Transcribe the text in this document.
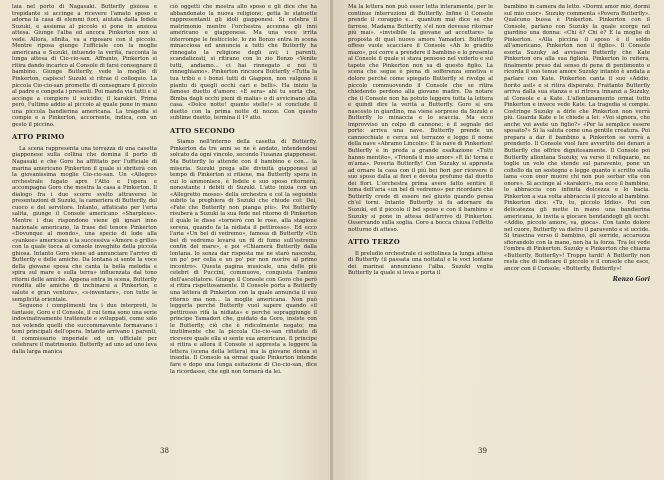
laia nel porto di Nagasaki. Butterfly gioiosa e trepidante si accinge a ricevere l'amato sposo e adorna la casa di elemmi fiori, aiutata dalla fedele Suzuki, e assiema al piccolo si pone in ansiosa attesa. Giunge l'alba ed ancora Pinkerton non si vede. Allora, sfinita, va a riposare con il piccolo. Mentre riposa giunge l'ufficiale con la moglie americana e Suzuki, intuendo la verità, racconta la lunga attesa di Cio-cio-san. Affranto, Pinkerton si ritira dando incarico al Console di farsi consegnare il bambino. Giunge Butterfly, vede la moglie di Pinkerton, capisce! Suzuki si ritrae il colloquio. La piccola Cio-cio-san promette di consegnare il piccolo al padre e congeda i presenti. Poi manda via tutti e si accinge a compiere il suicidio; il karakiri. Prima però, l'ultimo addio al piccolo al quale pone in mano una piccola bandierina americana. La tragedia si compie e a Pinkerton, accorrente, indica, con un gesto il piccino.

ATTO PRIMO

La scena rappresenta una terrazza di una casetta giapponese sulla collina che domina il porto di Nagasaki e che Goro ha affittato per l'ufficiale di marina americano Pinkerton il quale si sbriterà con la giovanissima moglie Cio-cio-san. Un «Allegro» orchestrale fugato apre l'Atto e l'opera e accompagna Goro che mostra la casa a Pinkerton. Il dialogo fra i due scorre svelto attraverso le presentazioni di Suzuki, la cameriera di Butterfly, del cuoco e del servitore. Intanto, affaticato per l'erta salita, giunge il Console americano «Sharpless». Mentre i due rispondono viene gli ignari inno nazionale americano, la frase del tenore Pinkerton «Dovunque al mondo», una specie di lode alla «yankee» americano e la successiva «Amore o grillo» con la quale tocca al console inveghito della piccola ghiosa. Intanto Goro viene ad annunciare l'arrivo di Butterfly e delle amiche. Da lontana si sente la voce della giovane sposa che canta la bella melodia e spira sul mare e sulla terra» influenzata dal tono ritorni delle amiche. Appena entra in scena, Butterfly rendita alle amiche di inchinarsi a Pinkerton, e salute e gran ventura», «s-inventare», con tutte le semplicità orientale.

Seguono i complimenti tra i due interpreti, le fantasie, Goro e il Console, il cui tema sono una serie indovinativamente trattenute e sviluppati, come solo noi volendo quelli che succommavente formavano i temi principali dell'opera. Intanto arrivano i parenti, il commissario imperiale ed un ufficiale per celebrare il matrimonio. Butterfly ad uno ad uno leva dalla larga manica

ciò oggetti che mostra allo sposo e gli dice che ha abbandonato la nuova religione; getta le statuette rappresentanti gli idoli giapponesi. Si celebra il matrimonio mentre l'orchestra accenna gli inni americano e giapponese. Ma una voce irrita interrompe le festicciole: lo zio Bonzo entra in scena minacciosa ed annuncia a tutti che Butterfly ha rinnegato la religione degli avi; i parenti, scandalizzati, si ritirano con lo zio Bonzo «Venite tutti, andiamo... ci hai rinnegato e noi ti rinneghiamo». Pinkerton rincuora Butterfly «Tutta la tua tribù e i bonzi tutti di Giappon, non valgono il pianto di quegli occhi cari e belli». Ha inizio la famoso duetto d'amore: «È sera» ahi tu sorta che, Bimba dagli occhi pieni di malia» o di avvicinano alla casa. «Dolce notte! quante stelle!» si conclude il duetto con la prima notte di nozze. Con questo sublime duetto, termina il 1º atto.

ATTO SECONDO

Siamo nell'interno della casetta di Butterfly. Pinkerton da tre anni se ne è andato, intendendosi solcato da ogni vincolo, secondo l'usanza giapponese. Ma Butterfly lo attende con il bambino e con... la miseria. Suzuki prega alle divinità giapponesi al tempo di Pinkerton si ritiene, ma Butterfly spera in cui lo ammonisce, è fedele e suo sposo ritornerà, nonostante i debiti di Suzuki. L'atto inizia con un «Allegretto mosso» della orchestra e col la seguente subito la preghiera di Suzuki che chiude col: Dei, «Fate che Butterfly non pianga più». Poi Butterfly risuberà a Suzuki la sua fede nel ritorno di Pinkerton il quale le disse «tornerò con le rose, alla stagione serena, quando fa la nidiata il pettirosso». Ed ecco l'aria «Un bel dì vedremo», famosa di Butterfly «Un bel dì vedremo levarsi un fil di fumo sull'estremo confin del mare», e poi «Chiamerà Butterfly dalla lontana. Io senza dar risposta me ne starò nascosta, un po' per celia e un po' per non morire al primo incontro». Questa pagina musicale, una delle più celebri di Puccini, commuove, conquista l'animo dell'ascoltatore. Giunge il Console con Goro che però si ritira rispettosamente. Il Console porta a Butterfly una lettera di Pinkerton con la quale annuncia il suo ritorno ma non... la moglie americana. Non può leggerla perché Butterfly vuol sapere quando «il pettirosso rifà la nidiata» e perché sopraggiunge il principe Yamadori che, guidato da Goro, insiste con le Butterfly, ciò che è ridicolmente negato; ma inutilmente che la piccola Cio-cio-san rifiutato di ricevere quale ella si sente sua americano. Il principe si ritira e allora il Console si appresta a leggere la lettera (scena della lettera) ma la giovane donna si insedia. Il Console sa ormai quale Pinkerton intende fare e dopo una lunga esitazione di Cio-cio-san, dice la ricordasse, che egli non tornerà da lei.

38

Ma la lettera non può esser letta interamente, per le continue interruzioni di Butterfly. Infine il Console prende il coraggio e... quantum mai dice se che farrese, Madama Butterfly, s'el non dovesse ritornar più mai». «invisibile la giovane ad accettare» la proposta di quel nuovo amore Yamadori. Butterfly offeso vuole scacciare il Console «Ah lo gradito mazo», poi corre a prendere il bambino e lo presenta al Console il quale si stava pensoso nel vederlo e sul tapete che Pinkerton non sa di questo figlio. La scena che segue è piena di sofferenza emotiva e dolore perché come spiegato Butterfly si rivolge al piccolo commuovendo il Console che se ritira chiedendo perdono alla giovane madre. Da notare che il Console non ha potuto leggere tutta la lettera e quindi dire la verità a Butterfly. Goro si era nascosto in giardino, ma viene sorpreso da Suzuki e Butterfly lo minaccia e lo scaccia. Ma ecco improvviso un colpo di cannone; è il segnale del porto: arriva una nave. Butterfly prende un cannocchiale e cerca sul terrazzo e legge il nome della nave «Abramo Lincoln»: È la nave di Pinkerton! Butterfly è in preda a grande esaltazione «Tutti hanno mentito», «Trionfa il mio amor» «È là! torna e m'ama». Poveria Butterfly! Con Suzuky si appresta ad ornare la casa con il più bei fiori per ricevere il suo sposo dalla ai fiori e devota profumo dal duetto dei fiori. L'orchestra prima avere fatto sentire il tema dell'aria «un bel dì vedremo» per ricordare che Butterfly crede di essere nel giusto quando pensa ch'el torni. Intanto Butterfly si fa adornare da Suzuki, ed il piccolo il bel sposo e con il bambino e Suzuky si pone in attesa dell'arrivo di Pinkerton. Osservando sulla soglia. Coro a bocca chiusa l'effetto notturno di atteso.

ATTO TERZO

Il preludio orchestrale ci sottolinea la lunga attesa di Butterfly (il passata una nottata) e le voci lontane dei marinai annunziano l'alba. Suzuki veglia Butterfly la quale si leva e porta il

bambino in camera da letto. «Dormi amor mio, dormi sul mio cuor». Suzuky commenta «Povera Butterfly». Qualcuno bussa è Pinkerton. Pinkerton con il Console, parlano con Suzuky la quale scorge nel giardino una donna: «Chi è? Chi è? È la moglie di Pinkerton. «Alla piccina il sposo è il soldo all'americano, Pinkerton non il figlio». Il Console esorta Suzuky ad avvisare Butterfly che Kate Pinkerton ora alla sua figliola. Pinkerton lo reitera, finalmente preso dal senso di pena di pentimento e ricorda il suo tenue amore Suzuky intanto è andata a parlare con Kate. Pinkerton canta il suo «Addio, fiorito asil» e si ritira disperato. Frattanto Butterfly arriva dalla sua stanza e si ritrova innanzi a Suzuky, al Console e a Kate. L'allontanamento ormai tutto Pinkerton e invece vede Kate. La tragedia si compie. Costringe Suzuky a dirle che Pinkerton non verrà più. Guarda Kate e le chiede a lei: «Voi signora, che anche voi avete un figlio?» «Per la semplice essere sposato?» Si la saluta come una gentile creatura. Poi prepara a dar il bambino a Pinkerton se verrà a prenderlo. Il Console vuol fare avvertito dei denari a Butterfly che offrire dignitosamente. Il Console poi Butterfly allontana Suzuky, va verso il reliquario, ne toglie un velo che stende sul paravento, pone un coltello da un sostegno e legge quanto è scritto sulla lama «con onor muore chi non può serbar vita con onore». Si accinge al «karakiri», ma ecco il bambino, lo abbraccia con infinita dolcezza e lo bacia. Pinkerton a sua volta abbraccia il piccolo al bambino. Pinkerton dice: «Tu, tu, piccolo Iddio». Poi con delicatezza gli mette in mano una bandierina americana, lo invita a giocare bendandogli gli occhi. «Addio, piccolo amore, va, gioca». Con tanto dolore nel cuore, Butterfly va dietro il paravento e si uccide. Si trascina verso il bambino, gli sorride, accarezza sfiorandolo con la mano, non ha la forza. Tra lei vede l'ombra di Pinkerton. Suzuky e Pinkerton che chiama «Butterfly, Butterfly»! Troppo tardi! A Butterfly non resta che di indicare il piccolo e il console che esce, ancor con il Console; «Butterfly, Butterfly»!

Renzo Gori
39
